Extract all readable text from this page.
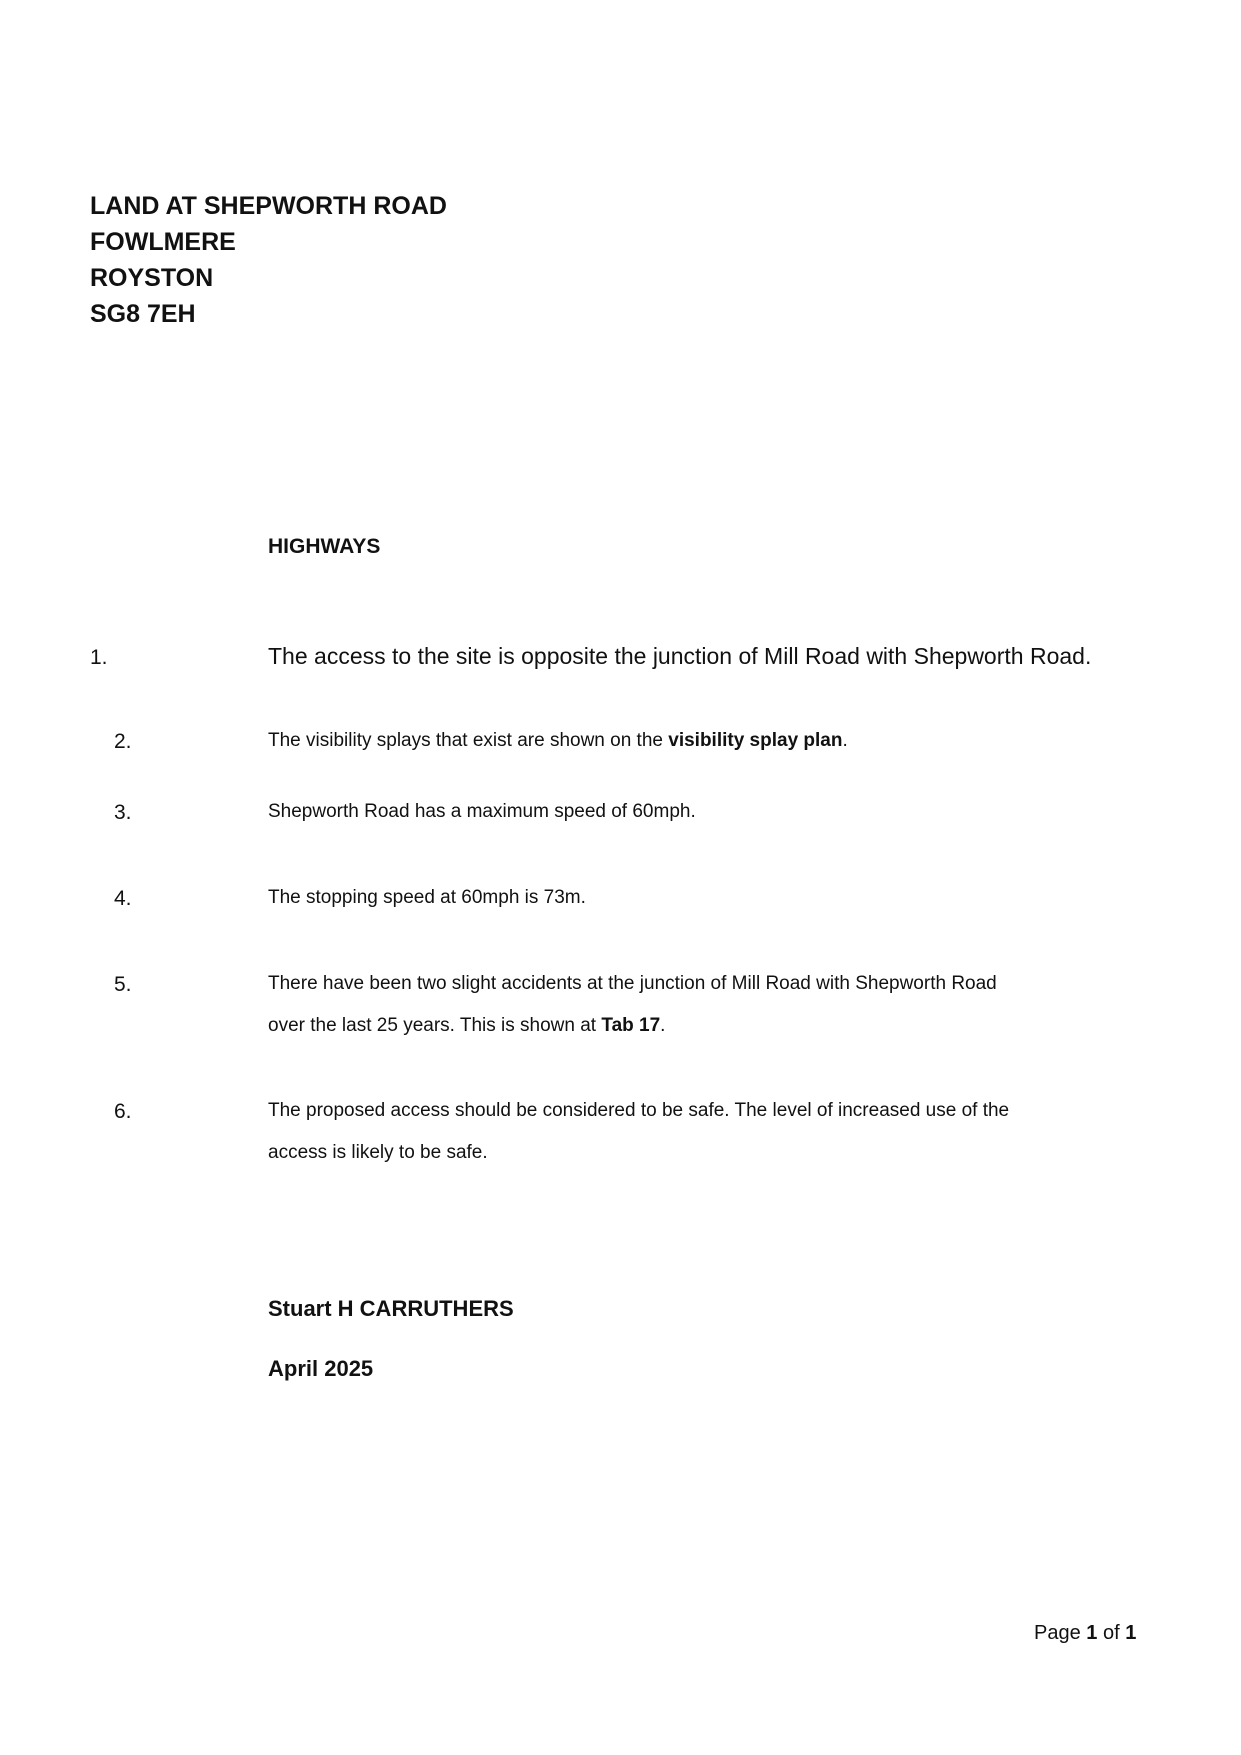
LAND AT SHEPWORTH ROAD
FOWLMERE
ROYSTON
SG8 7EH
HIGHWAYS
1.	The access to the site is opposite the junction of Mill Road with Shepworth Road.
2.	The visibility splays that exist are shown on the visibility splay plan.
3.	Shepworth Road has a maximum speed of 60mph.
4.	The stopping speed at 60mph is 73m.
5.	There have been two slight accidents at the junction of Mill Road with Shepworth Road
over the last 25 years. This is shown at Tab 17.
6.	The proposed access should be considered to be safe. The level of increased use of the
access is likely to be safe.
Stuart H CARRUTHERS
April 2025
Page 1 of 1
